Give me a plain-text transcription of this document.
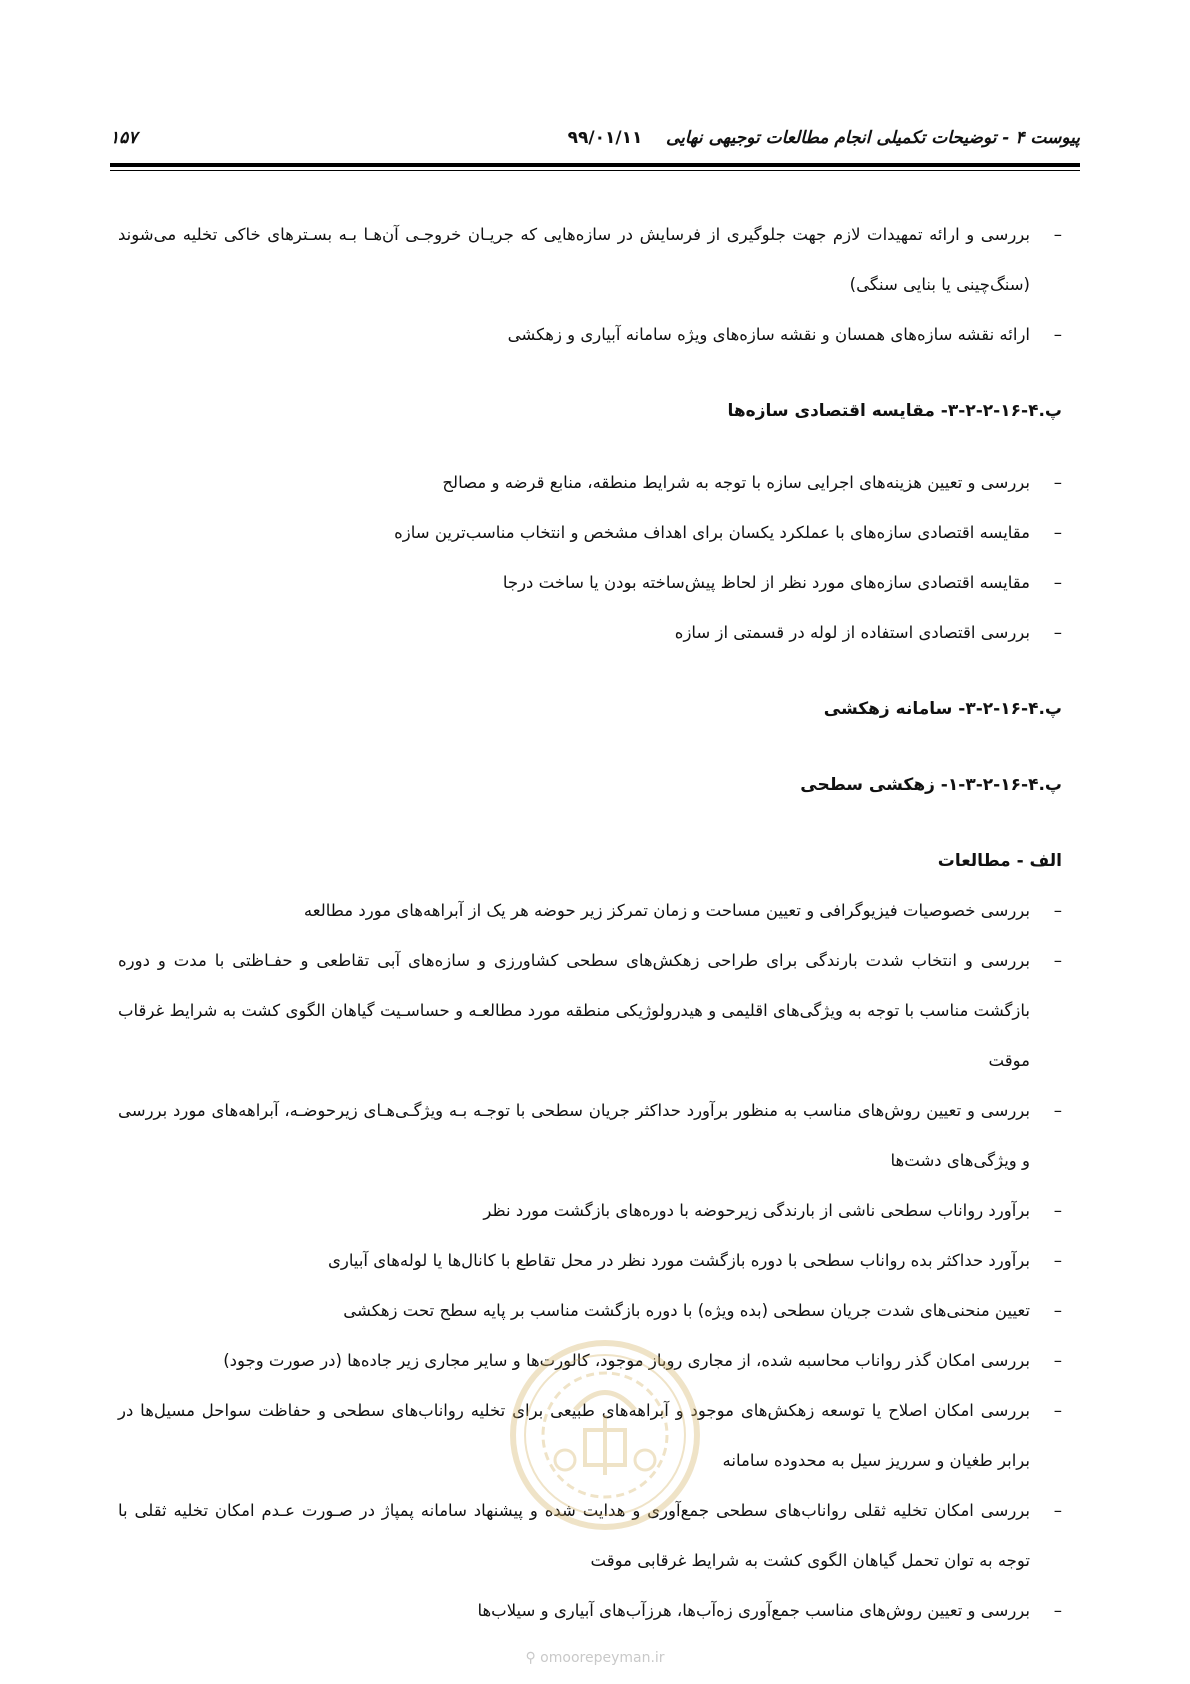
پیوست ۴ - توضیحات تکمیلی انجام مطالعات توجیهی نهایی    ۹۹/۰۱/۱۱
۱۵۷

– بررسی و ارائه تمهیدات لازم جهت جلوگیری از فرسایش در سازه‌هایی که جریـان خروجـی آن‌هـا بـه بسـترهای خاکی تخلیه می‌شوند (سنگ‌چینی یا بنایی سنگی)

– ارائه نقشه سازه‌های همسان و نقشه سازه‌های ویژه سامانه آبیاری و زهکشی

پ.۴-۱۶-۲-۲-۳- مقایسه اقتصادی سازه‌ها

– بررسی و تعیین هزینه‌های اجرایی سازه با توجه به شرایط منطقه، منابع قرضه و مصالح

– مقایسه اقتصادی سازه‌های با عملکرد یکسان برای اهداف مشخص و انتخاب مناسب‌ترین سازه

– مقایسه اقتصادی سازه‌های مورد نظر از لحاظ پیش‌ساخته بودن یا ساخت درجا

– بررسی اقتصادی استفاده از لوله در قسمتی از سازه

پ.۴-۱۶-۲-۳- سامانه زهکشی

پ.۴-۱۶-۲-۳-۱- زهکشی سطحی

الف - مطالعات

– بررسی خصوصیات فیزیوگرافی و تعیین مساحت و زمان تمرکز زیر حوضه هر یک از آبراهه‌های مورد مطالعه

– بررسی و انتخاب شدت بارندگی برای طراحی زهکش‌های سطحی کشاورزی و سازه‌های آبی تقاطعی و حفـاظتی با مدت و دوره بازگشت مناسب با توجه به ویژگی‌های اقلیمی و هیدرولوژیکی منطقه مورد مطالعـه و حساسـیت گیاهان الگوی کشت به شرایط غرقاب موقت

– بررسی و تعیین روش‌های مناسب به منظور برآورد حداکثر جریان سطحی با توجـه بـه ویژگـی‌هـای زیرحوضـه، آبراهه‌های مورد بررسی و ویژگی‌های دشت‌ها

– برآورد رواناب سطحی ناشی از بارندگی زیرحوضه با دوره‌های بازگشت مورد نظر

– برآورد حداکثر بده رواناب سطحی با دوره بازگشت مورد نظر در محل تقاطع با کانال‌ها یا لوله‌های آبیاری

– تعیین منحنی‌های شدت جریان سطحی (بده ویژه) با دوره بازگشت مناسب بر پایه سطح تحت زهکشی

– بررسی امکان گذر رواناب محاسبه شده، از مجاری روباز موجود، کالورت‌ها و سایر مجاری زیر جاده‌ها (در صورت وجود)

– بررسی امکان اصلاح یا توسعه زهکش‌های موجود و آبراهه‌های طبیعی برای تخلیه رواناب‌های سطحی و حفاظت سواحل مسیل‌ها در برابر طغیان و سرریز سیل به محدوده سامانه

– بررسی امکان تخلیه ثقلی رواناب‌های سطحی جمع‌آوری و هدایت شده و پیشنهاد سامانه پمپاژ در صـورت عـدم امکان تخلیه ثقلی با توجه به توان تحمل گیاهان الگوی کشت به شرایط غرقابی موقت

– بررسی و تعیین روش‌های مناسب جمع‌آوری زه‌آب‌ها، هرزآب‌های آبیاری و سیلاب‌ها

⚲ omoorepeyman.ir
